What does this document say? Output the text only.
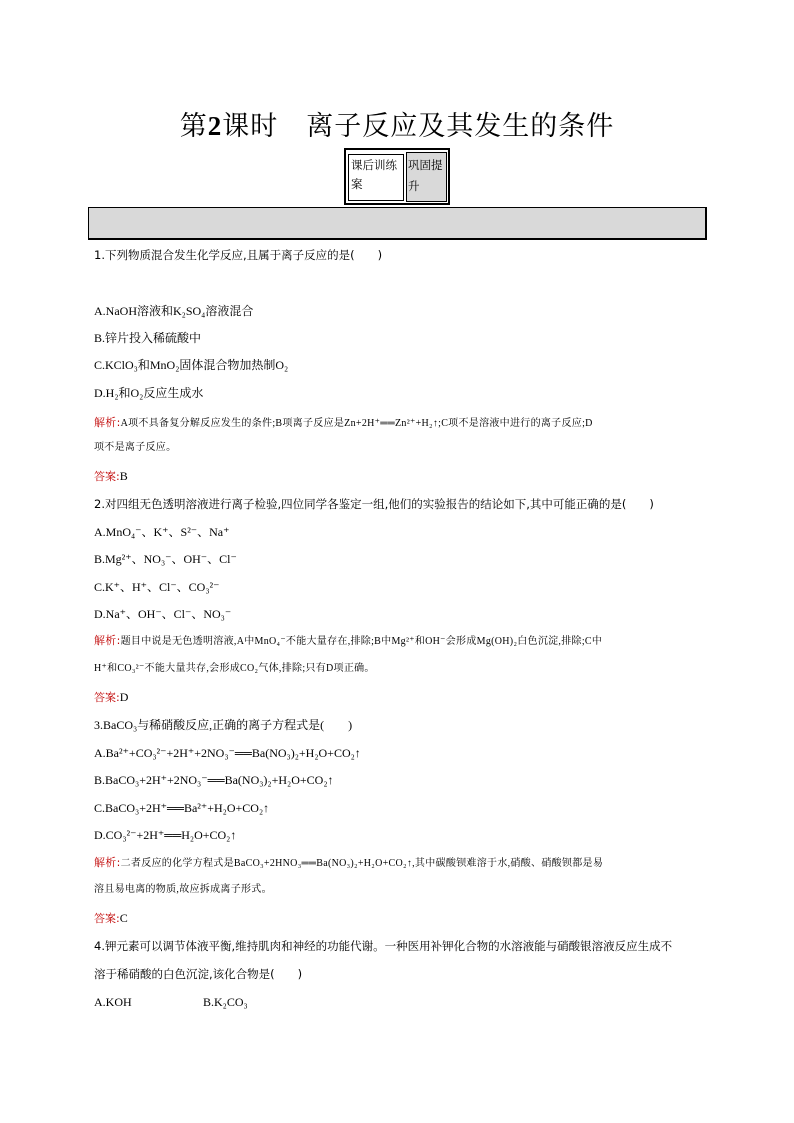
第2课时　离子反应及其发生的条件
课后训练案
巩固提升
1.下列物质混合发生化学反应,且属于离子反应的是(　　)
A.NaOH溶液和K₂SO₄溶液混合
B.锌片投入稀硫酸中
C.KClO₃和MnO₂固体混合物加热制O₂
D.H₂和O₂反应生成水
解析:A项不具备复分解反应发生的条件;B项离子反应是Zn+2H⁺══Zn²⁺+H₂↑;C项不是溶液中进行的离子反应;D
项不是离子反应。
答案:B
2.对四组无色透明溶液进行离子检验,四位同学各鉴定一组,他们的实验报告的结论如下,其中可能正确的是(　　)
A.MnO₄⁻、K⁺、S²⁻、Na⁺
B.Mg²⁺、NO₃⁻、OH⁻、Cl⁻
C.K⁺、H⁺、Cl⁻、CO₃²⁻
D.Na⁺、OH⁻、Cl⁻、NO₃⁻
解析:题目中说是无色透明溶液,A中MnO₄⁻不能大量存在,排除;B中Mg²⁺和OH⁻会形成Mg(OH)₂白色沉淀,排除;C中
H⁺和CO₃²⁻不能大量共存,会形成CO₂气体,排除;只有D项正确。
答案:D
3.BaCO₃与稀硝酸反应,正确的离子方程式是(　　)
A.Ba²⁺+CO₃²⁻+2H⁺+2NO₃⁻══Ba(NO₃)₂+H₂O+CO₂↑
B.BaCO₃+2H⁺+2NO₃⁻══Ba(NO₃)₂+H₂O+CO₂↑
C.BaCO₃+2H⁺══Ba²⁺+H₂O+CO₂↑
D.CO₃²⁻+2H⁺══H₂O+CO₂↑
解析:二者反应的化学方程式是BaCO₃+2HNO₃══Ba(NO₃)₂+H₂O+CO₂↑,其中碳酸钡难溶于水,硝酸、硝酸钡都是易
溶且易电离的物质,故应拆成离子形式。
答案:C
4.钾元素可以调节体液平衡,维持肌肉和神经的功能代谢。一种医用补钾化合物的水溶液能与硝酸银溶液反应生成不
溶于稀硝酸的白色沉淀,该化合物是(　　)
A.KOH	B.K₂CO₃
